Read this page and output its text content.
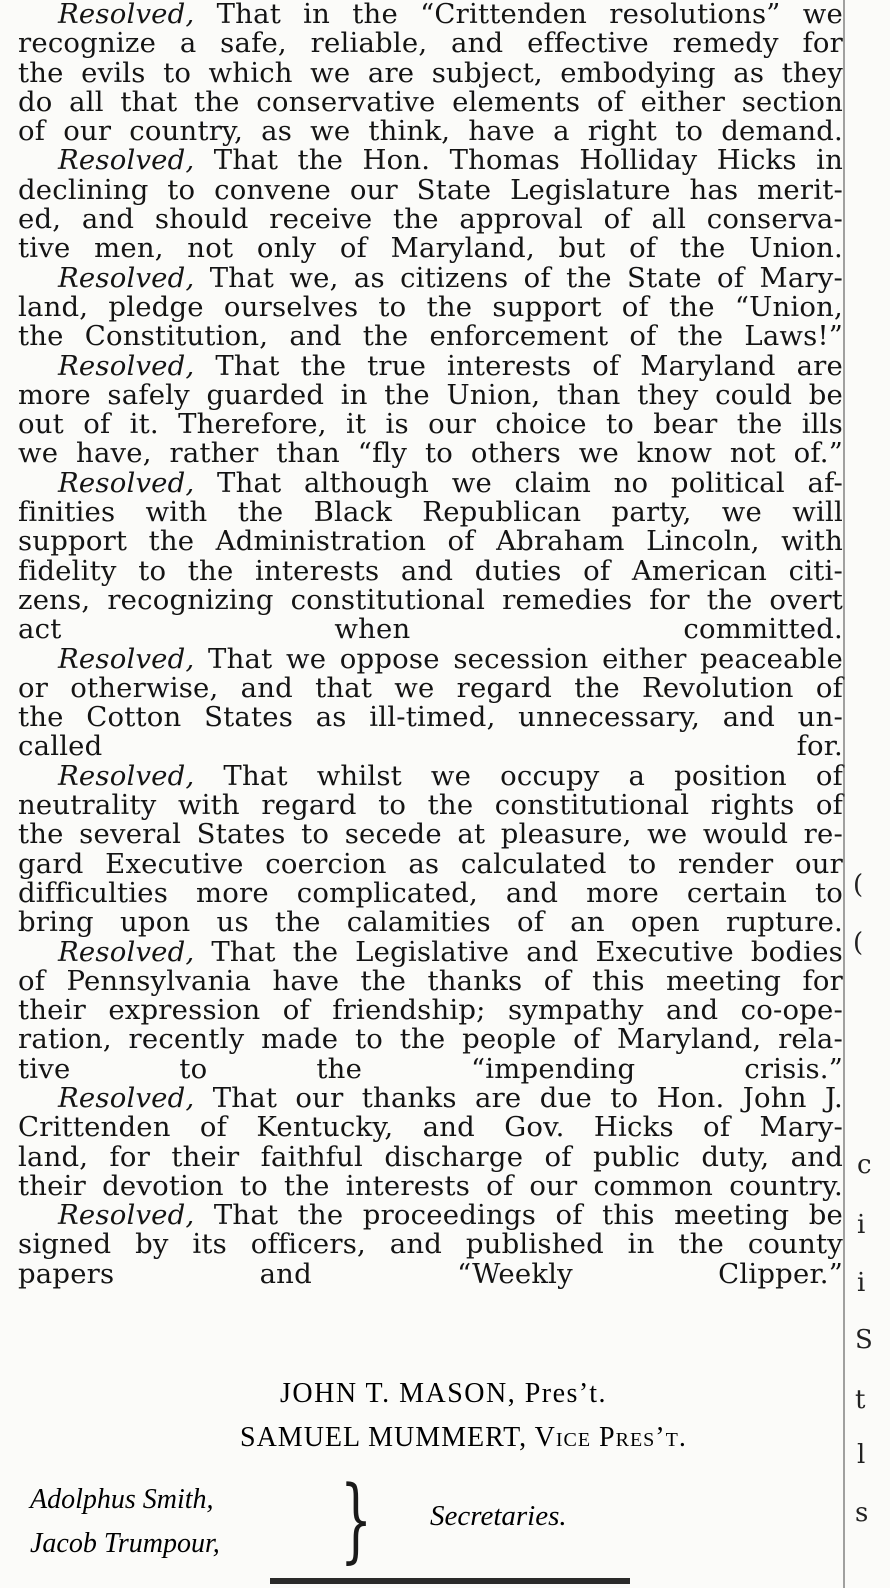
Resolved, That in the “Crittenden resolutions” we
recognize a safe, reliable, and effective remedy for
the evils to which we are subject, embodying as they
do all that the conservative elements of either section
of our country, as we think, have a right to demand.
Resolved, That the Hon. Thomas Holliday Hicks in
declining to convene our State Legislature has merit-
ed, and should receive the approval of all conserva-
tive men, not only of Maryland, but of the Union.
Resolved, That we, as citizens of the State of Mary-
land, pledge ourselves to the support of the “Union,
the Constitution, and the enforcement of the Laws!”
Resolved, That the true interests of Maryland are
more safely guarded in the Union, than they could be
out of it. Therefore, it is our choice to bear the ills
we have, rather than “fly to others we know not of.”
Resolved, That although we claim no political af-
finities with the Black Republican party, we will
support the Administration of Abraham Lincoln, with
fidelity to the interests and duties of American citi-
zens, recognizing constitutional remedies for the overt
act when committed.
Resolved, That we oppose secession either peaceable
or otherwise, and that we regard the Revolution of
the Cotton States as ill-timed, unnecessary, and un-
called for.
Resolved, That whilst we occupy a position of
neutrality with regard to the constitutional rights of
the several States to secede at pleasure, we would re-
gard Executive coercion as calculated to render our
difficulties more complicated, and more certain to
bring upon us the calamities of an open rupture.
Resolved, That the Legislative and Executive bodies
of Pennsylvania have the thanks of this meeting for
their expression of friendship; sympathy and co-ope-
ration, recently made to the people of Maryland, rela-
tive to the “impending crisis.”
Resolved, That our thanks are due to Hon. John J.
Crittenden of Kentucky, and Gov. Hicks of Mary-
land, for their faithful discharge of public duty, and
their devotion to the interests of our common country.
Resolved, That the proceedings of this meeting be
signed by its officers, and published in the county
papers and “Weekly Clipper.”
JOHN T. MASON, Pres’t.
SAMUEL MUMMERT, Vice Pres’t.
Adolphus Smith,
Jacob Trumpour, } Secretaries.
(
(
c
i
i
S
t
l
s
